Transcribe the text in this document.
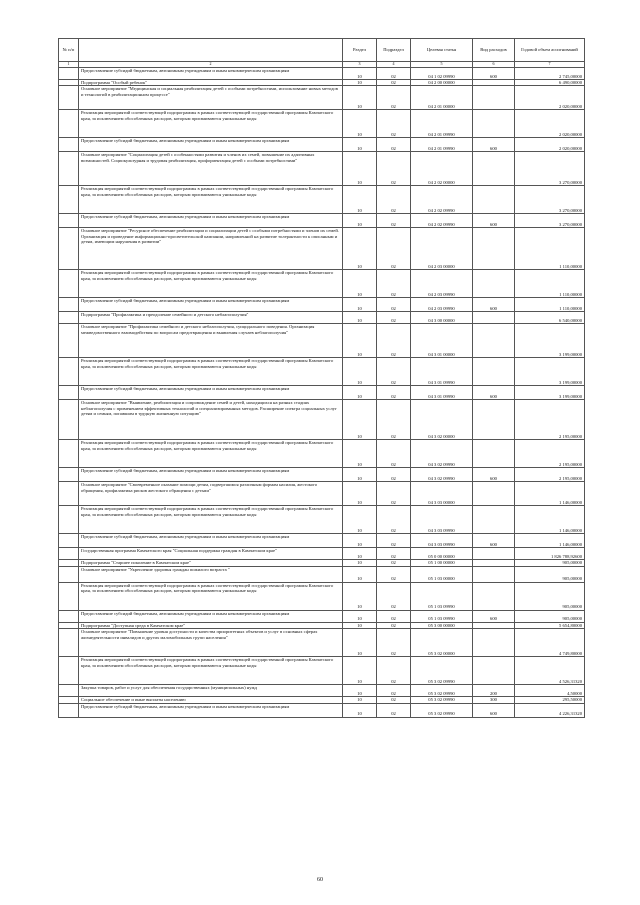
№ п/п		Раздел	Подраздел	Целевая статья	Вид расходов	Годовой объем ассигнований
1	2	3	4	5	6	7
	Предоставление субсидий бюджетным, автономным учреждениям и иным некоммерческим организациям	10	02	04 1 02 09990	600	2 745,00000
	Подпрограмма "Особый ребенок"	10	02	04 2 00 00000		6 490,00000
	Основное мероприятие "Медицинская и социальная реабилитация детей с особыми потребностями, использование новых методов и технологий в реабилитационном процессе"	10	02	04 2 01 00000		2 020,00000
	Реализация мероприятий соответствующей подпрограммы в рамках соответствующей государственной программы Камчатского края, за исключением обособленных расходов, которым присваиваются уникальные коды	10	02	04 2 01 09990		2 020,00000
	Предоставление субсидий бюджетным, автономным учреждениям и иным некоммерческим организациям	10	02	04 2 01 09990	600	2 020,00000
	Основное мероприятие "Социализация детей с особенностями развития и членов их семей, повышение их адаптивных возможностей. Социокультурная и трудовая реабилитация, профориентация детей с особыми потребностями"	10	02	04 2 02 00000		3 270,00000
	Реализация мероприятий соответствующей подпрограммы в рамках соответствующей государственной программы Камчатского края, за исключением обособленных расходов, которым присваиваются уникальные коды	10	02	04 2 02 09990		3 270,00000
	Предоставление субсидий бюджетным, автономным учреждениям и иным некоммерческим организациям	10	02	04 2 02 09990	600	3 270,00000
	Основное мероприятие "Ресурсное обеспечение реабилитации и социализации детей с особыми потребностями и членов их семей. Организация и проведение информационно-просветительской кампании, направленной на развитие толерантности к описанным и детям, имеющим нарушения в развитии"	10	02	04 2 03 00000		1 110,00000
	Реализация мероприятий соответствующей подпрограммы в рамках соответствующей государственной программы Камчатского края, за исключением обособленных расходов, которым присваиваются уникальные коды	10	02	04 2 03 09990		1 110,00000
	Предоставление субсидий бюджетным, автономным учреждениям и иным некоммерческим организациям	10	02	04 2 03 09990	600	1 110,00000
	Подпрограмма "Профилактика и преодоление семейного и детского неблагополучия"	10	02	04 3 00 00000		6 540,00000
	Основное мероприятие "Профилактика семейного и детского неблагополучия, суицидального поведения. Организация межведомственного взаимодействия по вопросам предотвращения и выявления случаев неблагополучия"	10	02	04 3 01 00000		3 199,00000
	Реализация мероприятий соответствующей подпрограммы в рамках соответствующей государственной программы Камчатского края, за исключением обособленных расходов, которым присваиваются уникальные коды	10	02	04 3 01 09990		3 199,00000
	Предоставление субсидий бюджетным, автономным учреждениям и иным некоммерческим организациям	10	02	04 3 01 09990	600	3 199,00000
	Основное мероприятие "Выявление, реабилитация и сопровождение семей и детей, находящихся на разных стадиях неблагополучия с применением эффективных технологий и специализированных методов. Расширение спектра социальных услуг детям и семьям, попавшим в трудную жизненную ситуацию"	10	02	04 3 02 00000		2 195,00000
	Реализация мероприятий соответствующей подпрограммы в рамках соответствующей государственной программы Камчатского края, за исключением обособленных расходов, которым присваиваются уникальные коды	10	02	04 3 02 09990		2 195,00000
	Предоставление субсидий бюджетным, автономным учреждениям и иным некоммерческим организациям	10	02	04 3 02 09990	600	2 195,00000
	Основное мероприятие "Своевременное оказание помощи детям, подвергшимся различным формам насилия, жестокого обращения, профилактика рисков жестокого обращения с детьми"	10	02	04 3 03 00000		1 146,00000
	Реализация мероприятий соответствующей подпрограммы в рамках соответствующей государственной программы Камчатского края, за исключением обособленных расходов, которым присваиваются уникальные коды	10	02	04 3 03 09990		1 146,00000
	Предоставление субсидий бюджетным, автономным учреждениям и иным некоммерческим организациям	10	02	04 3 03 09990	600	1 146,00000
	Государственная программа Камчатского края "Социальная поддержка граждан в Камчатском крае"	10	02	05 0 00 00000		1 826 788,92600
	Подпрограмма "Старшее поколение в Камчатском крае"	10	02	05 1 00 00000		905,00000
	Основное мероприятие "Укрепление здоровья граждан пожилого возраста "	10	02	05 1 03 00000		905,00000
	Реализация мероприятий соответствующей подпрограммы в рамках соответствующей государственной программы Камчатского края, за исключением обособленных расходов, которым присваиваются уникальные коды	10	02	05 1 03 09990		905,00000
	Предоставление субсидий бюджетным, автономным учреждениям и иным некоммерческим организациям	10	02	05 1 03 09990	600	905,00000
	Подпрограмма "Доступная среда в Камчатском крае"	10	02	05 3 00 00000		5 654,80000
	Основное мероприятие "Повышение уровня доступности и качества приоритетных объектов и услуг в основных сферах жизнедеятельности инвалидов и других маломобильных групп населения"	10	02	05 3 02 00000		4 749,80000
	Реализация мероприятий соответствующей подпрограммы в рамках соответствующей государственной программы Камчатского края, за исключением обособленных расходов, которым присваиваются уникальные коды	10	02	05 3 02 09990		4 526,31320
	Закупка товаров, работ и услуг для обеспечения государственных (муниципальных) нужд	10	02	05 3 02 09990	200	4,50000
	Социальное обеспечение и иные выплаты населению	10	02	05 3 02 09990	300	295,50000
	Предоставление субсидий бюджетным, автономным учреждениям и иным некоммерческим организациям	10	02	05 3 02 09990	600	4 226,31320
60
